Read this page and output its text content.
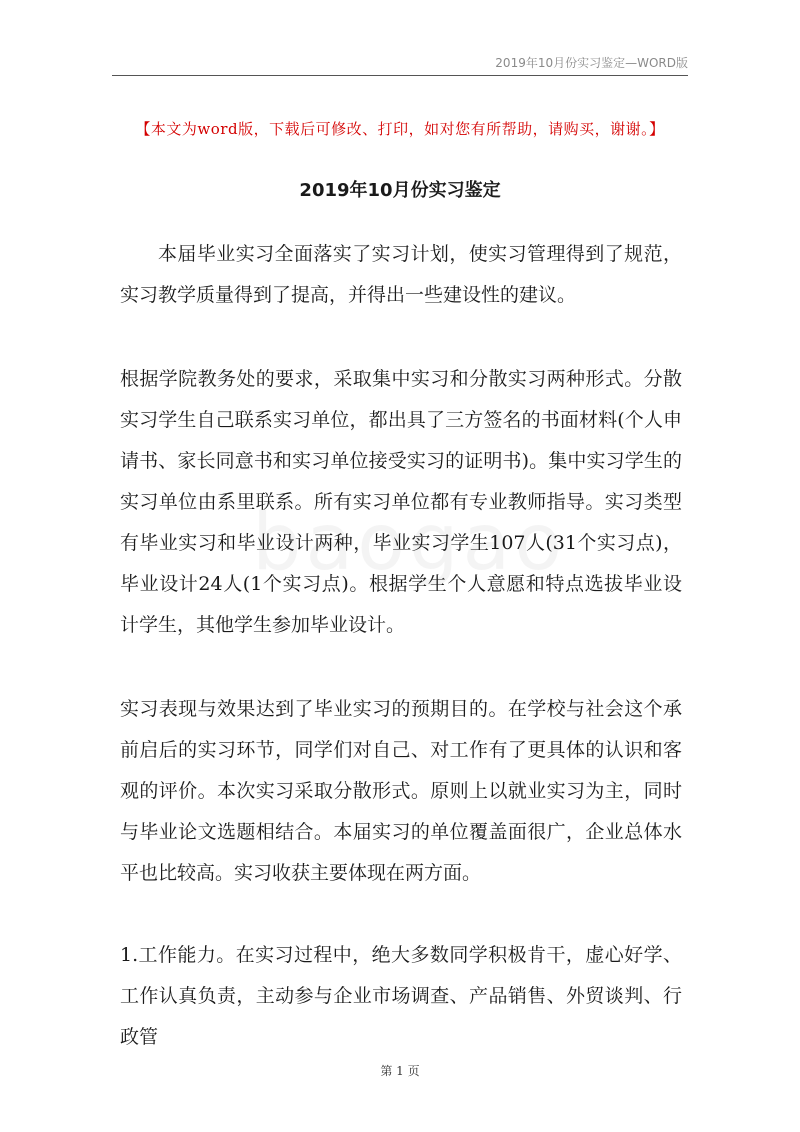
2019年10月份实习鉴定—WORD版
【本文为word版，下载后可修改、打印，如对您有所帮助，请购买，谢谢。】
2019年10月份实习鉴定
本届毕业实习全面落实了实习计划，使实习管理得到了规范，实习教学质量得到了提高，并得出一些建设性的建议。
根据学院教务处的要求，采取集中实习和分散实习两种形式。分散实习学生自己联系实习单位，都出具了三方签名的书面材料(个人申请书、家长同意书和实习单位接受实习的证明书)。集中实习学生的实习单位由系里联系。所有实习单位都有专业教师指导。实习类型有毕业实习和毕业设计两种，毕业实习学生107人(31个实习点)，毕业设计24人(1个实习点)。根据学生个人意愿和特点选拔毕业设计学生，其他学生参加毕业设计。
实习表现与效果达到了毕业实习的预期目的。在学校与社会这个承前启后的实习环节，同学们对自己、对工作有了更具体的认识和客观的评价。本次实习采取分散形式。原则上以就业实习为主，同时与毕业论文选题相结合。本届实习的单位覆盖面很广，企业总体水平也比较高。实习收获主要体现在两方面。
1.工作能力。在实习过程中，绝大多数同学积极肯干，虚心好学、工作认真负责，主动参与企业市场调查、产品销售、外贸谈判、行政管
第 1 页
